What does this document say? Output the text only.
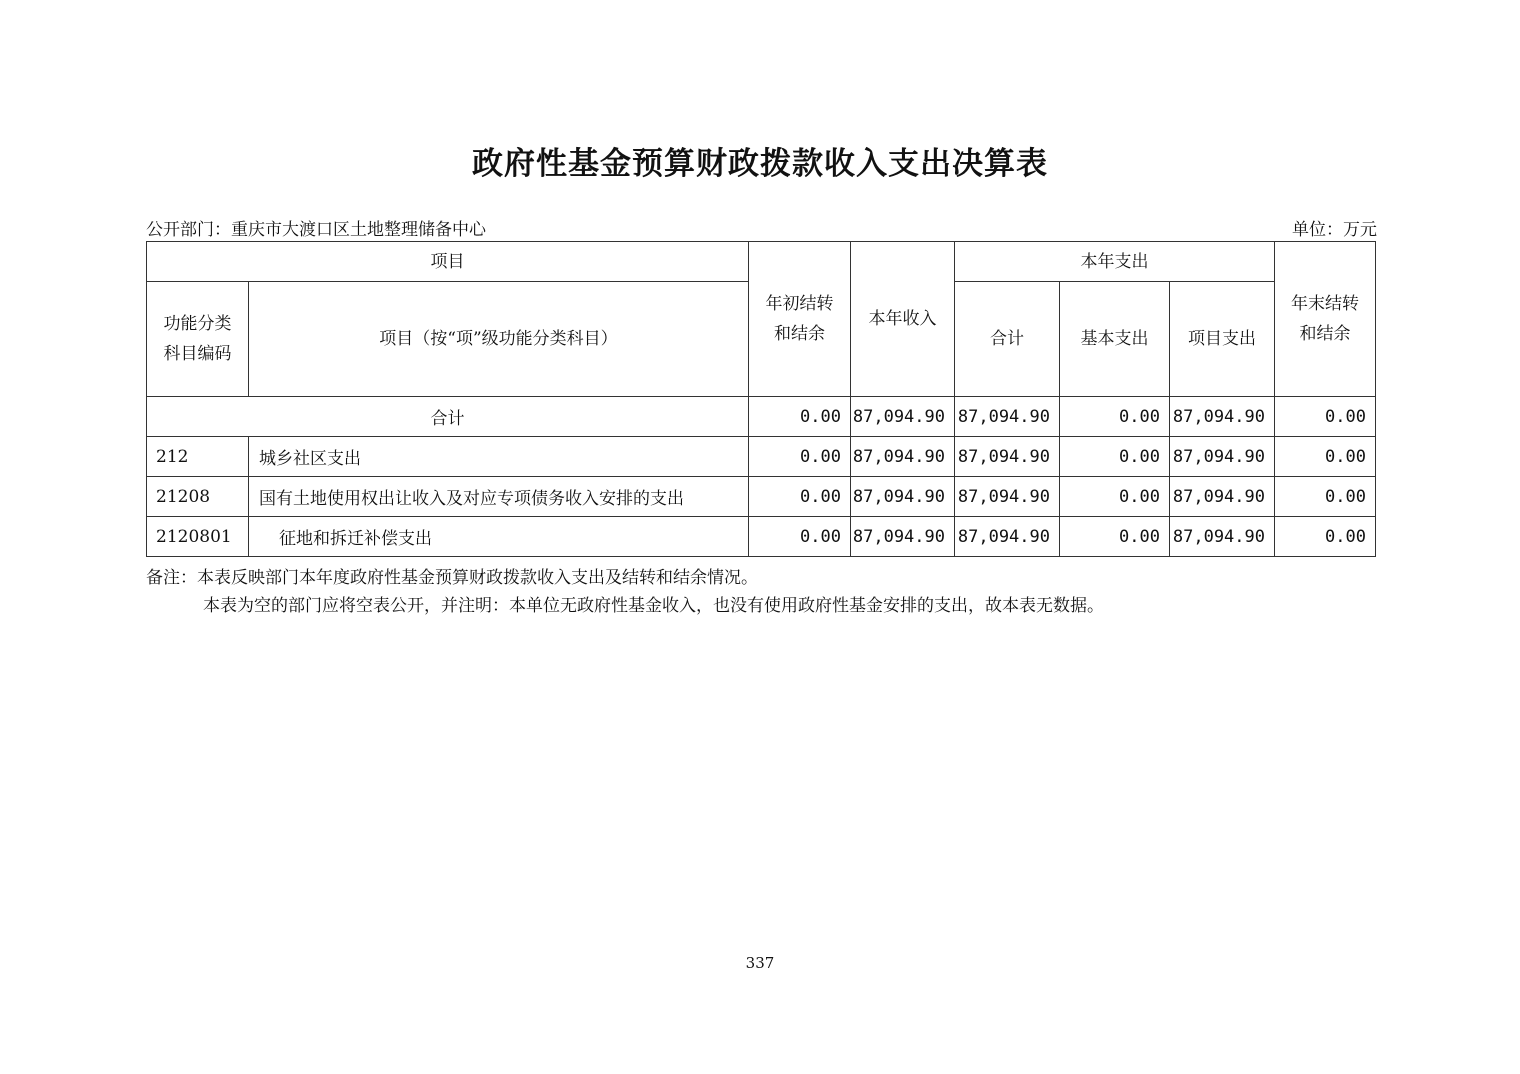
政府性基金预算财政拨款收入支出决算表
公开部门：重庆市大渡口区土地整理储备中心	单位：万元
项目		年初结转和结余	本年收入	本年支出			年末结转和结余

功能分类科目编码	项目（按“项”级功能分类科目）			合计	基本支出	项目支出	
合计		0.00	87,094.90	87,094.90	0.00	87,094.90	0.00
212	城乡社区支出	0.00	87,094.90	87,094.90	0.00	87,094.90	0.00
21208	国有土地使用权出让收入及对应专项债务收入安排的支出	0.00	87,094.90	87,094.90	0.00	87,094.90	0.00
2120801	征地和拆迁补偿支出	0.00	87,094.90	87,094.90	0.00	87,094.90	0.00
备注：本表反映部门本年度政府性基金预算财政拨款收入支出及结转和结余情况。
本表为空的部门应将空表公开，并注明：本单位无政府性基金收入，也没有使用政府性基金安排的支出，故本表无数据。
337
